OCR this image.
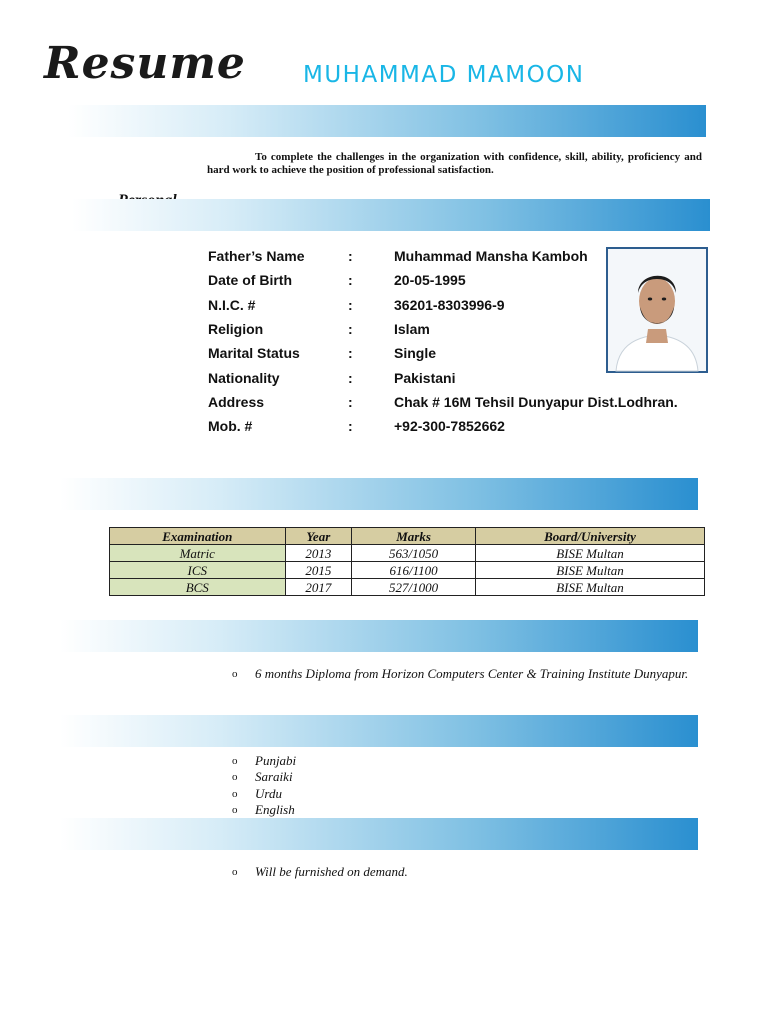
Resume MUHAMMAD MAMOON
To complete the challenges in the organization with confidence, skill, ability, proficiency and hard work to achieve the position of professional satisfaction.
Father’s Name	:	Muhammad Mansha Kamboh
Date of Birth	:	20-05-1995
N.I.C. #	:	36201-8303996-9
Religion	:	Islam
Marital Status	:	Single
Nationality	:	Pakistani
Address	:	Chak # 16M Tehsil Dunyapur Dist.Lodhran.
Mob. #	:	+92-300-7852662
Examination	Year	Marks	Board/University
Matric	2013	563/1050	BISE Multan
ICS	2015	616/1100	BISE Multan
BCS	2017	527/1000	BISE Multan
o	6 months Diploma from Horizon Computers Center & Training Institute Dunyapur.
o	Punjabi
o	Saraiki
o	Urdu
o	English
o	Will be furnished on demand.
